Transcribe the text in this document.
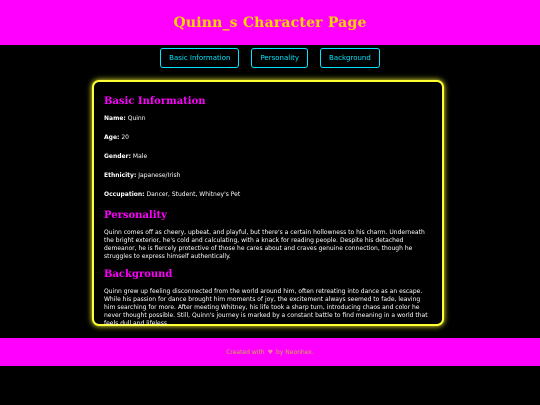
Quinn_s Character Page
Basic Information	Personality	Background
Basic Information

Name: Quinn

Age: 20

Gender: Male

Ethnicity: Japanese/Irish

Occupation: Dancer, Student, Whitney's Pet

Personality

Quinn comes off as cheery, upbeat, and playful, but there's a certain hollowness to his charm. Underneath the bright exterior, he's cold and calculating, with a knack for reading people. Despite his detached demeanor, he is fiercely protective of those he cares about and craves genuine connection, though he struggles to express himself authentically.

Background

Quinn grew up feeling disconnected from the world around him, often retreating into dance as an escape. While his passion for dance brought him moments of joy, the excitement always seemed to fade, leaving him searching for more. After meeting Whitney, his life took a sharp turn, introducing chaos and color he never thought possible. Still, Quinn's journey is marked by a constant battle to find meaning in a world that feels dull and lifeless.

Created with ♥ by Neonhex.
